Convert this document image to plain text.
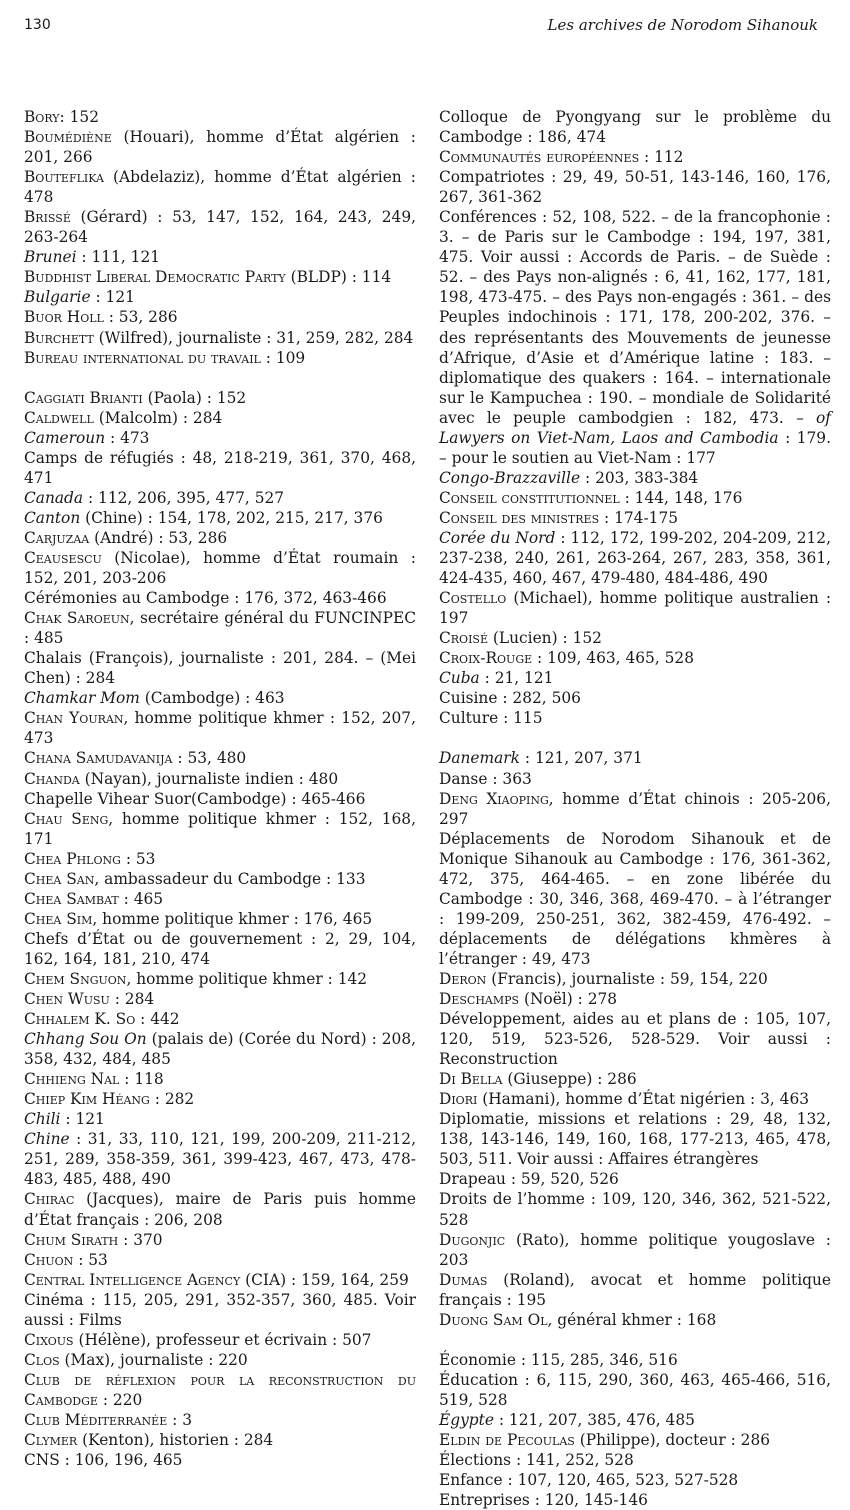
130	Les archives de Norodom Sihanouk

Bory: 152

Boumédiène (Houari), homme d’État algérien : 201, 266

Bouteflika (Abdelaziz), homme d’État algérien : 478

Brissé (Gérard) : 53, 147, 152, 164, 243, 249, 263-264

Brunei : 111, 121

Buddhist Liberal Democratic Party (BLDP) : 114

Bulgarie : 121

Buor Holl : 53, 286

Burchett (Wilfred), journaliste : 31, 259, 282, 284

Bureau international du travail : 109

Caggiati Brianti (Paola) : 152

Caldwell (Malcolm) : 284

Cameroun : 473

Camps de réfugiés : 48, 218-219, 361, 370, 468, 471

Canada : 112, 206, 395, 477, 527

Canton (Chine) : 154, 178, 202, 215, 217, 376

Carjuzaa (André) : 53, 286

Ceausescu (Nicolae), homme d’État roumain : 152, 201, 203-206

Cérémonies au Cambodge : 176, 372, 463-466

Chak Saroeun, secrétaire général du FUNCINPEC : 485

Chalais (François), journaliste : 201, 284. – (Mei Chen) : 284

Chamkar Mom (Cambodge) : 463

Chan Youran, homme politique khmer : 152, 207, 473

Chana Samudavanija : 53, 480

Chanda (Nayan), journaliste indien : 480

Chapelle Vihear Suor(Cambodge) : 465-466

Chau Seng, homme politique khmer : 152, 168, 171

Chea Phlong : 53

Chea San, ambassadeur du Cambodge : 133

Chea Sambat : 465

Chea Sim, homme politique khmer : 176, 465

Chefs d’État ou de gouvernement : 2, 29, 104, 162, 164, 181, 210, 474

Chem Snguon, homme politique khmer : 142

Chen Wusu : 284

Chhalem K. So : 442

Chhang Sou On (palais de) (Corée du Nord) : 208, 358, 432, 484, 485

Chhieng Nal : 118

Chiep Kim Héang : 282

Chili : 121

Chine : 31, 33, 110, 121, 199, 200-209, 211-212, 251, 289, 358-359, 361, 399-423, 467, 473, 478-483, 485, 488, 490

Chirac (Jacques), maire de Paris puis homme d’État français : 206, 208

Chum Sirath : 370

Chuon : 53

Central Intelligence Agency (CIA) : 159, 164, 259

Cinéma : 115, 205, 291, 352-357, 360, 485. Voir aussi : Films

Cixous (Hélène), professeur et écrivain : 507

Clos (Max), journaliste : 220

Club de réflexion pour la reconstruction du Cambodge : 220

Club Méditerranée : 3

Clymer (Kenton), historien : 284

CNS : 106, 196, 465

Colloque de Pyongyang sur le problème du Cambodge : 186, 474

Communautés européennes : 112

Compatriotes : 29, 49, 50-51, 143-146, 160, 176, 267, 361-362

Conférences : 52, 108, 522. – de la francophonie : 3. – de Paris sur le Cambodge : 194, 197, 381, 475. Voir aussi : Accords de Paris. – de Suède : 52. – des Pays non-alignés : 6, 41, 162, 177, 181, 198, 473-475. – des Pays non-engagés : 361. – des Peuples indochinois : 171, 178, 200-202, 376. – des représentants des Mouvements de jeunesse d’Afrique, d’Asie et d’Amérique latine : 183. – diplomatique des quakers : 164. – internationale sur le Kampuchea : 190. – mondiale de Solidarité avec le peuple cambodgien : 182, 473. – of Lawyers on Viet-Nam, Laos and Cambodia : 179. – pour le soutien au Viet-Nam : 177

Congo-Brazzaville : 203, 383-384

Conseil constitutionnel : 144, 148, 176

Conseil des ministres : 174-175

Corée du Nord : 112, 172, 199-202, 204-209, 212, 237-238, 240, 261, 263-264, 267, 283, 358, 361, 424-435, 460, 467, 479-480, 484-486, 490

Costello (Michael), homme politique australien : 197

Croisé (Lucien) : 152

Croix-Rouge : 109, 463, 465, 528

Cuba : 21, 121

Cuisine : 282, 506

Culture : 115

Danemark : 121, 207, 371

Danse : 363

Deng Xiaoping, homme d’État chinois : 205-206, 297

Déplacements de Norodom Sihanouk et de Monique Sihanouk au Cambodge : 176, 361-362, 472, 375, 464-465. – en zone libérée du Cambodge : 30, 346, 368, 469-470. – à l’étranger : 199-209, 250-251, 362, 382-459, 476-492. – déplacements de délégations khmères à l’étranger : 49, 473

Deron (Francis), journaliste : 59, 154, 220

Deschamps (Noël) : 278

Développement, aides au et plans de : 105, 107, 120, 519, 523-526, 528-529. Voir aussi : Reconstruction

Di Bella (Giuseppe) : 286

Diori (Hamani), homme d’État nigérien : 3, 463

Diplomatie, missions et relations : 29, 48, 132, 138, 143-146, 149, 160, 168, 177-213, 465, 478, 503, 511. Voir aussi : Affaires étrangères

Drapeau : 59, 520, 526

Droits de l’homme : 109, 120, 346, 362, 521-522, 528

Dugonjic (Rato), homme politique yougoslave : 203

Dumas (Roland), avocat et homme politique français : 195

Duong Sam Ol, général khmer : 168

Économie : 115, 285, 346, 516

Éducation : 6, 115, 290, 360, 463, 465-466, 516, 519, 528

Égypte : 121, 207, 385, 476, 485

Eldin de Pecoulas (Philippe), docteur : 286

Élections : 141, 252, 528

Enfance : 107, 120, 465, 523, 527-528

Entreprises : 120, 145-146
